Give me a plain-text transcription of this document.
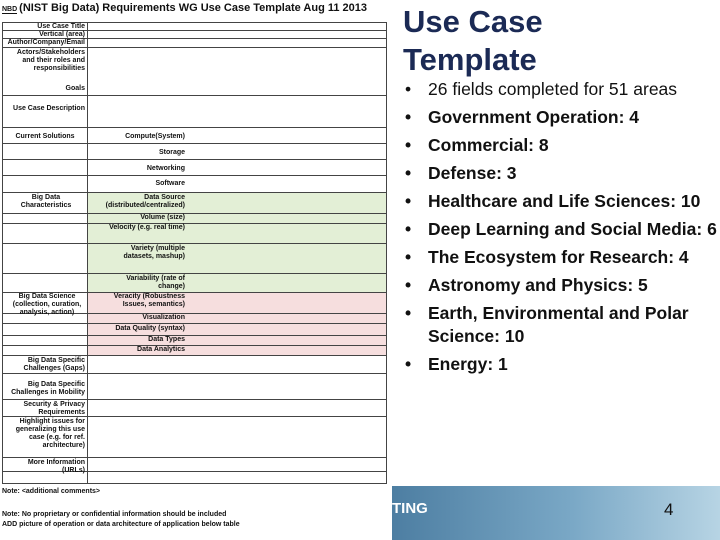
NBD (NIST Big Data) Requirements WG Use Case Template Aug 11 2013
Use Case Title
Vertical (area)
Author/Company/Email
Actors/Stakeholders and their roles and responsibilities
Goals
Use Case Description
Current Solutions	Compute(System)
Storage
Networking
Software
Big Data Characteristics
Data Source (distributed/centralized)
Volume (size)
Velocity (e.g. real time)
Variety (multiple datasets, mashup)
Variability (rate of change)
Big Data Science (collection, curation, analysis, action)
Veracity (Robustness Issues, semantics)
Visualization
Data Quality (syntax)
Data Types
Data Analytics
Big Data Specific Challenges (Gaps)
Big Data Specific Challenges in Mobility
Security & Privacy Requirements
Highlight issues for generalizing this use case (e.g. for ref. architecture)
More Information (URLs)
Note: <additional comments>
Note: No proprietary or confidential information should be included
ADD picture of operation or data architecture of application below table
Use Case Template
• 26 fields completed for 51 areas
• Government Operation: 4
• Commercial: 8
• Defense: 3
• Healthcare and Life Sciences: 10
• Deep Learning and Social Media: 6
• The Ecosystem for Research: 4
• Astronomy and Physics: 5
• Earth, Environmental and Polar Science: 10
• Energy: 1
TING	4
